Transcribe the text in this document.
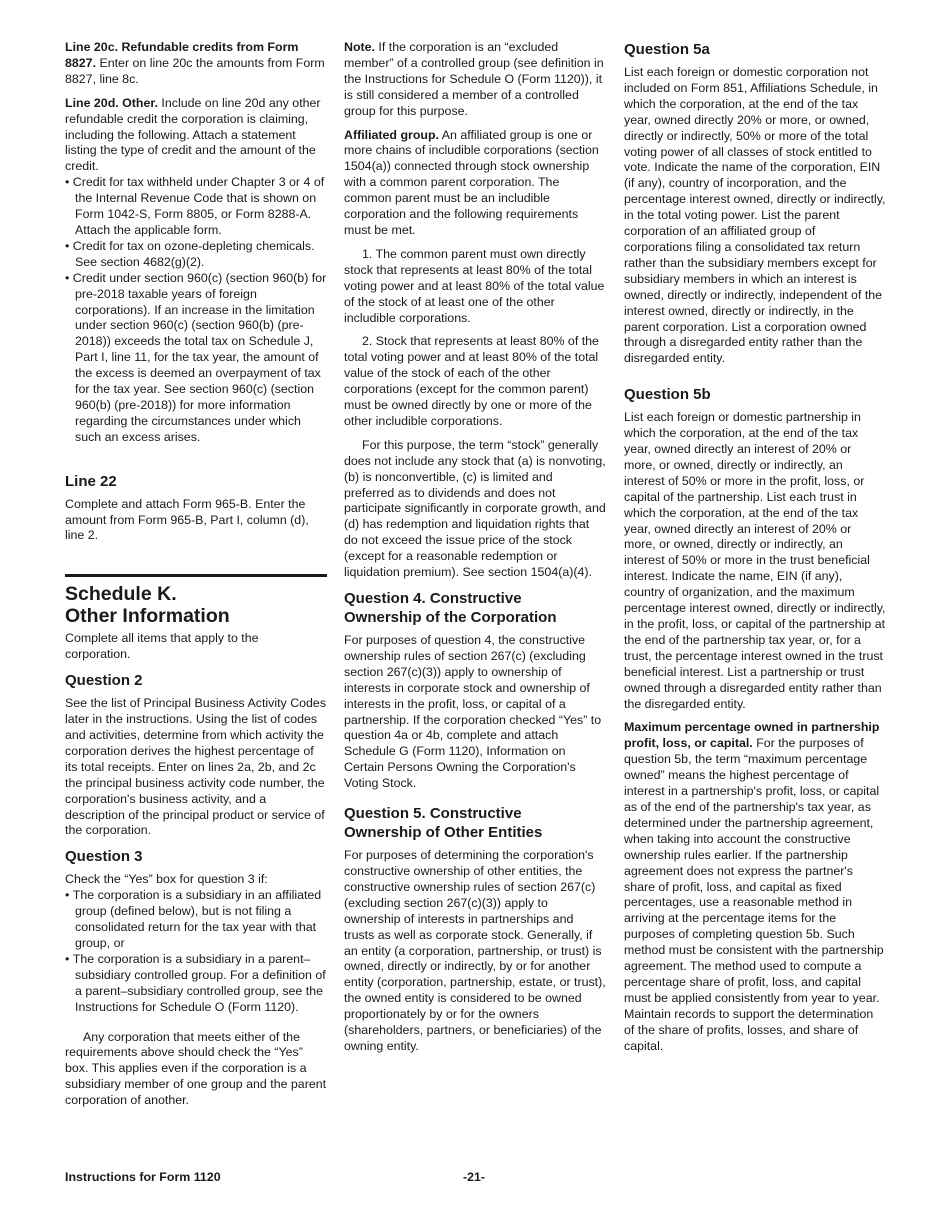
Line 20c. Refundable credits from Form 8827. Enter on line 20c the amounts from Form 8827, line 8c.

Line 20d. Other. Include on line 20d any other refundable credit the corporation is claiming, including the following. Attach a statement listing the type of credit and the amount of the credit.

• Credit for tax withheld under Chapter 3 or 4 of the Internal Revenue Code that is shown on Form 1042-S, Form 8805, or Form 8288-A. Attach the applicable form.
• Credit for tax on ozone-depleting chemicals. See section 4682(g)(2).
• Credit under section 960(c) (section 960(b) for pre-2018 taxable years of foreign corporations). If an increase in the limitation under section 960(c) (section 960(b) (pre-2018)) exceeds the total tax on Schedule J, Part I, line 11, for the tax year, the amount of the excess is deemed an overpayment of tax for the tax year. See section 960(c) (section 960(b) (pre-2018)) for more information regarding the circumstances under which such an excess arises.
Line 22

Complete and attach Form 965-B. Enter the amount from Form 965-B, Part I, column (d), line 2.

Schedule K.
Other Information

Complete all items that apply to the corporation.

Question 2

See the list of Principal Business Activity Codes later in the instructions. Using the list of codes and activities, determine from which activity the corporation derives the highest percentage of its total receipts. Enter on lines 2a, 2b, and 2c the principal business activity code number, the corporation's business activity, and a description of the principal product or service of the corporation.

Question 3
Check the “Yes” box for question 3 if:
• The corporation is a subsidiary in an affiliated group (defined below), but is not filing a consolidated return for the tax year with that group, or
• The corporation is a subsidiary in a parent–subsidiary controlled group. For a definition of a parent–subsidiary controlled group, see the Instructions for Schedule O (Form 1120).

Any corporation that meets either of the requirements above should check the “Yes” box. This applies even if the corporation is a subsidiary member of one group and the parent corporation of another.

Note. If the corporation is an “excluded member” of a controlled group (see definition in the Instructions for Schedule O (Form 1120)), it is still considered a member of a controlled group for this purpose.

Affiliated group. An affiliated group is one or more chains of includible corporations (section 1504(a)) connected through stock ownership with a common parent corporation. The common parent must be an includible corporation and the following requirements must be met.

1. The common parent must own directly stock that represents at least 80% of the total voting power and at least 80% of the total value of the stock of at least one of the other includible corporations.

2. Stock that represents at least 80% of the total voting power and at least 80% of the total value of the stock of each of the other corporations (except for the common parent) must be owned directly by one or more of the other includible corporations.

For this purpose, the term “stock” generally does not include any stock that (a) is nonvoting, (b) is nonconvertible, (c) is limited and preferred as to dividends and does not participate significantly in corporate growth, and (d) has redemption and liquidation rights that do not exceed the issue price of the stock (except for a reasonable redemption or liquidation premium). See section 1504(a)(4).

Question 4. Constructive
Ownership of the Corporation

For purposes of question 4, the constructive ownership rules of section 267(c) (excluding section 267(c)(3)) apply to ownership of interests in corporate stock and ownership of interests in the profit, loss, or capital of a partnership. If the corporation checked “Yes” to question 4a or 4b, complete and attach Schedule G (Form 1120), Information on Certain Persons Owning the Corporation's Voting Stock.

Question 5. Constructive
Ownership of Other Entities

For purposes of determining the corporation's constructive ownership of other entities, the constructive ownership rules of section 267(c) (excluding section 267(c)(3)) apply to ownership of interests in partnerships and trusts as well as corporate stock. Generally, if an entity (a corporation, partnership, or trust) is owned, directly or indirectly, by or for another entity (corporation, partnership, estate, or trust), the owned entity is considered to be owned proportionately by or for the owners (shareholders, partners, or beneficiaries) of the owning entity.

Question 5a

List each foreign or domestic corporation not included on Form 851, Affiliations Schedule, in which the corporation, at the end of the tax year, owned directly 20% or more, or owned, directly or indirectly, 50% or more of the total voting power of all classes of stock entitled to vote. Indicate the name of the corporation, EIN (if any), country of incorporation, and the percentage interest owned, directly or indirectly, in the total voting power. List the parent corporation of an affiliated group of corporations filing a consolidated tax return rather than the subsidiary members except for subsidiary members in which an interest is owned, directly or indirectly, independent of the interest owned, directly or indirectly, in the parent corporation. List a corporation owned through a disregarded entity rather than the disregarded entity.

Question 5b

List each foreign or domestic partnership in which the corporation, at the end of the tax year, owned directly an interest of 20% or more, or owned, directly or indirectly, an interest of 50% or more in the profit, loss, or capital of the partnership. List each trust in which the corporation, at the end of the tax year, owned directly an interest of 20% or more, or owned, directly or indirectly, an interest of 50% or more in the trust beneficial interest. Indicate the name, EIN (if any), country of organization, and the maximum percentage interest owned, directly or indirectly, in the profit, loss, or capital of the partnership at the end of the partnership tax year, or, for a trust, the percentage interest owned in the trust beneficial interest. List a partnership or trust owned through a disregarded entity rather than the disregarded entity.

Maximum percentage owned in partnership profit, loss, or capital. For the purposes of question 5b, the term “maximum percentage owned” means the highest percentage of interest in a partnership's profit, loss, or capital as of the end of the partnership's tax year, as determined under the partnership agreement, when taking into account the constructive ownership rules earlier. If the partnership agreement does not express the partner's share of profit, loss, and capital as fixed percentages, use a reasonable method in arriving at the percentage items for the purposes of completing question 5b. Such method must be consistent with the partnership agreement. The method used to compute a percentage share of profit, loss, and capital must be applied consistently from year to year. Maintain records to support the determination of the share of profits, losses, and share of capital.

Instructions for Form 1120	-21-
